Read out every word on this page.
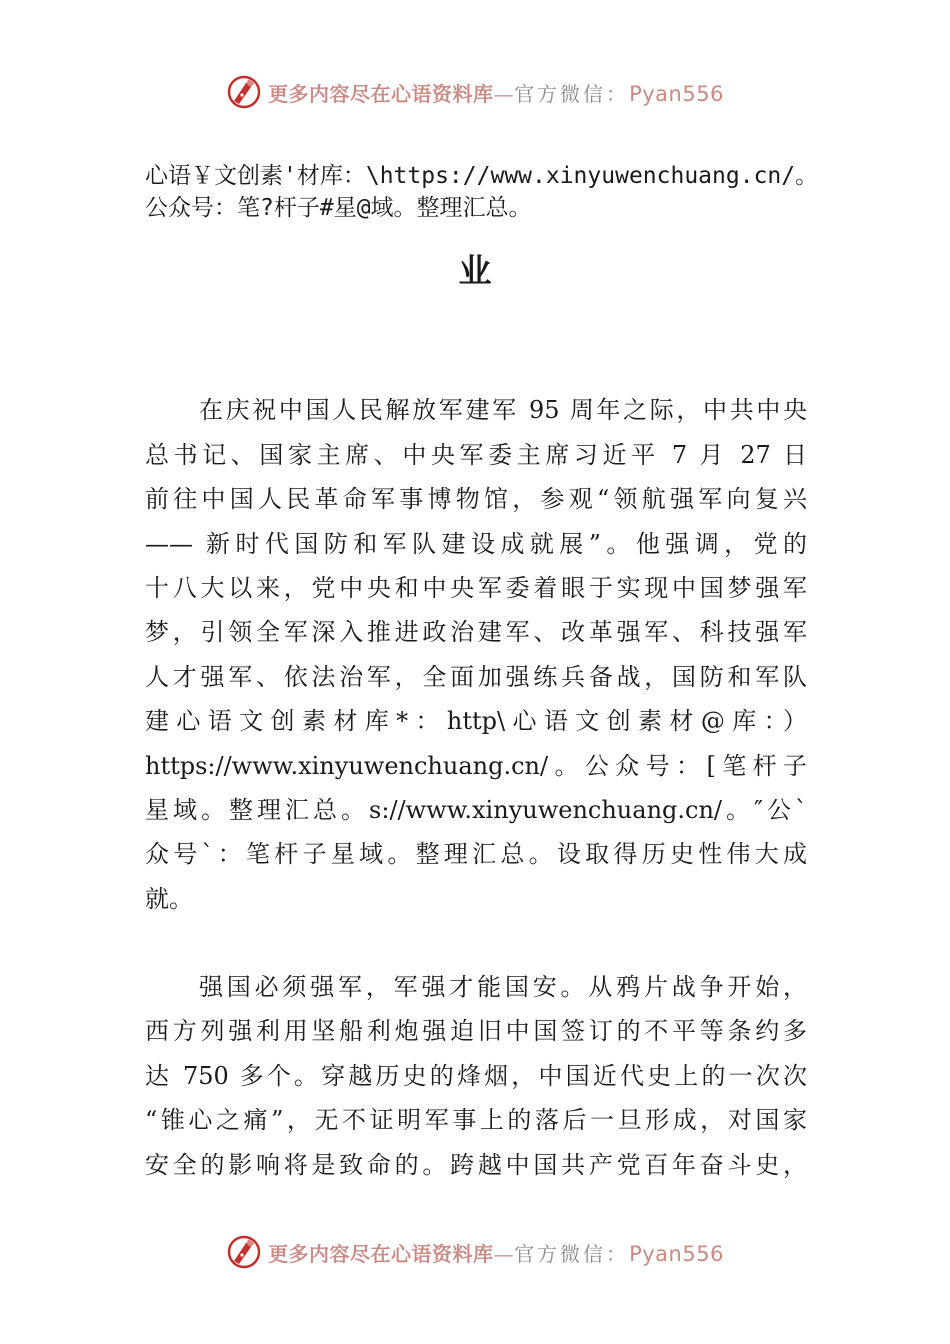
更多内容尽在心语资料库—官方微信：Pyan556
心语￥文创素'材库：\https://www.xinyuwenchuang.cn/。
公众号：笔?杆子#星@域。整理汇总。
业
在庆祝中国人民解放军建军 95 周年之际，中共中央
总书记、国家主席、中央军委主席习近平 7 月 27 日
前往中国人民革命军事博物馆，参观“领航强军向复兴
—— 新时代国防和军队建设成就展”。他强调，党的
十八大以来，党中央和中央军委着眼于实现中国梦强军
梦，引领全军深入推进政治建军、改革强军、科技强军
人才强军、依法治军，全面加强练兵备战，国防和军队
建心语文创素材库*：http\心语文创素材@库：）
https://www.xinyuwenchuang.cn/。公众号：[笔杆子
星域。整理汇总。s://www.xinyuwenchuang.cn/。″公`
众号`：笔杆子星域。整理汇总。设取得历史性伟大成
就。
强国必须强军，军强才能国安。从鸦片战争开始，
西方列强利用坚船利炮强迫旧中国签订的不平等条约多
达 750 多个。穿越历史的烽烟，中国近代史上的一次次
“锥心之痛”，无不证明军事上的落后一旦形成，对国家
安全的影响将是致命的。跨越中国共产党百年奋斗史，
更多内容尽在心语资料库—官方微信：Pyan556
